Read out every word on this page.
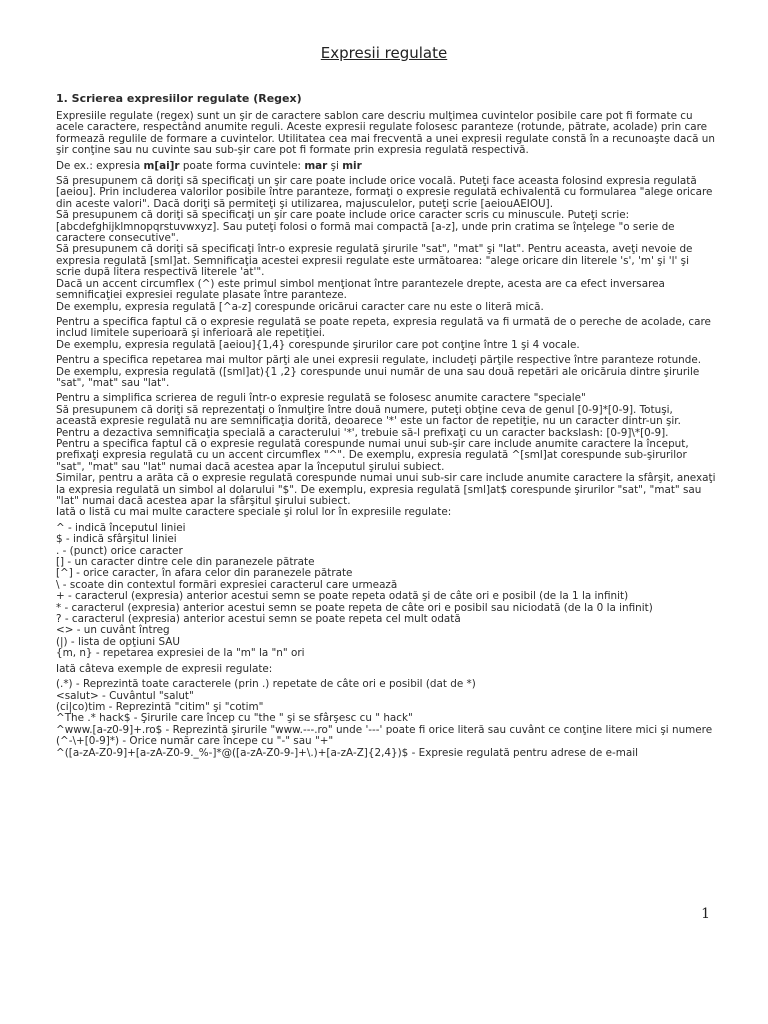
Expresii regulate
1. Scrierea expresiilor regulate (Regex)

Expresiile regulate (regex) sunt un şir de caractere sablon care descriu mulţimea cuvintelor posibile care pot fi formate cu acele caractere, respectând anumite reguli. Aceste expresii regulate folosesc paranteze (rotunde, pătrate, acolade) prin care formează regulile de formare a cuvintelor. Utilitatea cea mai frecventă a unei expresii regulate constă în a recunoaşte dacă un şir conţine sau nu cuvinte sau sub-şir care pot fi formate prin expresia regulată respectivă.

De ex.: expresia m[ai]r poate forma cuvintele: mar şi mir

Să presupunem că doriţi să specificaţi un şir care poate include orice vocală. Puteţi face aceasta folosind expresia regulată [aeiou]. Prin includerea valorilor posibile între paranteze, formaţi o expresie regulată echivalentă cu formularea "alege oricare din aceste valori". Dacă doriţi să permiteţi şi utilizarea, majusculelor, puteţi scrie [aeiouAEIOU].

Să presupunem că doriţi să specificaţi un şir care poate include orice caracter scris cu minuscule. Puteţi scrie: [abcdefghijklmnopqrstuvwxyz]. Sau puteţi folosi o formă mai compactă [a-z], unde prin cratima se înţelege "o serie de caractere consecutive".

Să presupunem că doriţi să specificaţi într-o expresie regulată şirurile "sat", "mat" şi "lat". Pentru aceasta, aveţi nevoie de expresia regulată [sml]at. Semnificaţia acestei expresii regulate este următoarea: "alege oricare din literele 's', 'm' şi 'l' şi scrie după litera respectivă literele 'at'".

Dacă un accent circumflex (^) este primul simbol menţionat între parantezele drepte, acesta are ca efect inversarea semnificaţiei expresiei regulate plasate între paranteze.

De exemplu, expresia regulată [^a-z] corespunde oricărui caracter care nu este o literă mică.

Pentru a specifica faptul că o expresie regulată se poate repeta, expresia regulată va fi urmată de o pereche de acolade, care includ limitele superioară şi inferioară ale repetiţiei.

De exemplu, expresia regulată [aeiou]{1,4} corespunde şirurilor care pot conţine între 1 şi 4 vocale.

Pentru a specifica repetarea mai multor părţi ale unei expresii regulate, includeţi părţile respective între paranteze rotunde.

De exemplu, expresia regulată ([sml]at){1 ,2} corespunde unui număr de una sau două repetări ale oricăruia dintre şirurile "sat", "mat" sau "lat".

Pentru a simplifica scrierea de reguli într-o expresie regulată se folosesc anumite caractere "speciale"

Să presupunem că doriţi să reprezentaţi o înmulţire între două numere, puteţi obţine ceva de genul [0-9]*[0-9]. Totuşi, această expresie regulată nu are semnificaţia dorită, deoarece '*' este un factor de repetiţie, nu un caracter dintr-un şir. Pentru a dezactiva semnificaţia specială a caracterului '*', trebuie să-l prefixaţi cu un caracter backslash: [0-9]\*[0-9].

Pentru a specifica faptul că o expresie regulată corespunde numai unui sub-şir care include anumite caractere la început, prefixaţi expresia regulată cu un accent circumflex "^". De exemplu, expresia regulată ^[sml]at corespunde sub-şirurilor "sat", "mat" sau "lat" numai dacă acestea apar la începutul şirului subiect.

Similar, pentru a arăta că o expresie regulată corespunde numai unui sub-sir care include anumite caractere la sfârşit, anexaţi la expresia regulată un simbol al dolarului "$". De exemplu, expresia regulată [sml]at$ corespunde şirurilor "sat", "mat" sau "lat" numai dacă acestea apar la sfârşitul şirului subiect.

Iată o listă cu mai multe caractere speciale şi rolul lor în expresiile regulate:

^ - indică începutul liniei
$ - indică sfârşitul liniei
. - (punct) orice caracter
[] - un caracter dintre cele din paranezele pătrate
[^] - orice caracter, în afara celor din paranezele pătrate
\ - scoate din contextul formări expresiei caracterul care urmează
+ - caracterul (expresia) anterior acestui semn se poate repeta odată şi de câte ori e posibil (de la 1 la infinit)
* - caracterul (expresia) anterior acestui semn se poate repeta de câte ori e posibil sau niciodată (de la 0 la infinit)
? - caracterul (expresia) anterior acestui semn se poate repeta cel mult odată
<> - un cuvânt întreg
(|) - lista de opţiuni SAU
{m, n} - repetarea expresiei de la "m" la "n" ori

Iată câteva exemple de expresii regulate:

(.*) - Reprezintă toate caracterele (prin .) repetate de câte ori e posibil (dat de *)
<salut> - Cuvântul "salut"
(ci|co)tim - Reprezintă "citim" şi "cotim"
^The .* hack$ - Şirurile care încep cu "the " şi se sfârşesc cu " hack"
^www.[a-z0-9]+.ro$ - Reprezintă şirurile "www.---.ro" unde '---' poate fi orice literă sau cuvânt ce conţine litere mici şi numere
(^-\+[0-9]*) - Orice număr care începe cu "-" sau "+"
^([a-zA-Z0-9]+[a-zA-Z0-9._%-]*@([a-zA-Z0-9-]+\.)+[a-zA-Z]{2,4})$ - Expresie regulată pentru adrese de e-mail
1
